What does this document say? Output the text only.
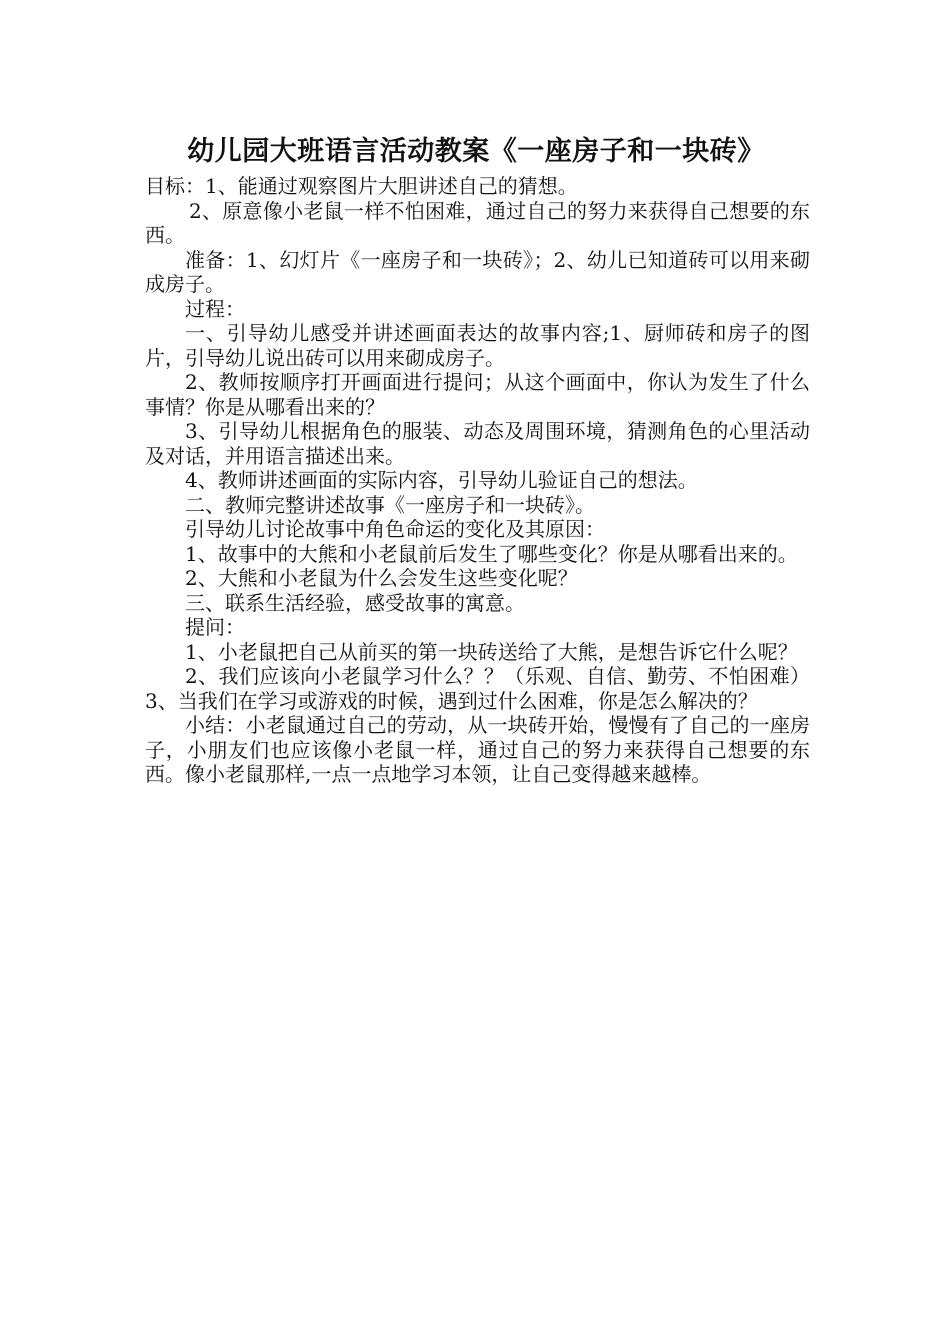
幼儿园大班语言活动教案《一座房子和一块砖》

目标：1、能通过观察图片大胆讲述自己的猜想。

2、原意像小老鼠一样不怕困难，通过自己的努力来获得自己想要的东西。

准备：1、幻灯片《一座房子和一块砖》；2、幼儿已知道砖可以用来砌成房子。

过程：

一、引导幼儿感受并讲述画面表达的故事内容;1、厨师砖和房子的图片，引导幼儿说出砖可以用来砌成房子。

2、教师按顺序打开画面进行提问；从这个画面中，你认为发生了什么事情？你是从哪看出来的？

3、引导幼儿根据角色的服装、动态及周围环境，猜测角色的心里活动及对话，并用语言描述出来。

4、教师讲述画面的实际内容，引导幼儿验证自己的想法。

二、教师完整讲述故事《一座房子和一块砖》。

引导幼儿讨论故事中角色命运的变化及其原因：

1、故事中的大熊和小老鼠前后发生了哪些变化？你是从哪看出来的。

2、大熊和小老鼠为什么会发生这些变化呢？

三、联系生活经验，感受故事的寓意。

提问：

1、小老鼠把自己从前买的第一块砖送给了大熊，是想告诉它什么呢？

2、我们应该向小老鼠学习什么？？（乐观、自信、勤劳、不怕困难）3、当我们在学习或游戏的时候，遇到过什么困难，你是怎么解决的？

小结：小老鼠通过自己的劳动，从一块砖开始，慢慢有了自己的一座房子，小朋友们也应该像小老鼠一样，通过自己的努力来获得自己想要的东西。像小老鼠那样,一点一点地学习本领，让自己变得越来越棒。
